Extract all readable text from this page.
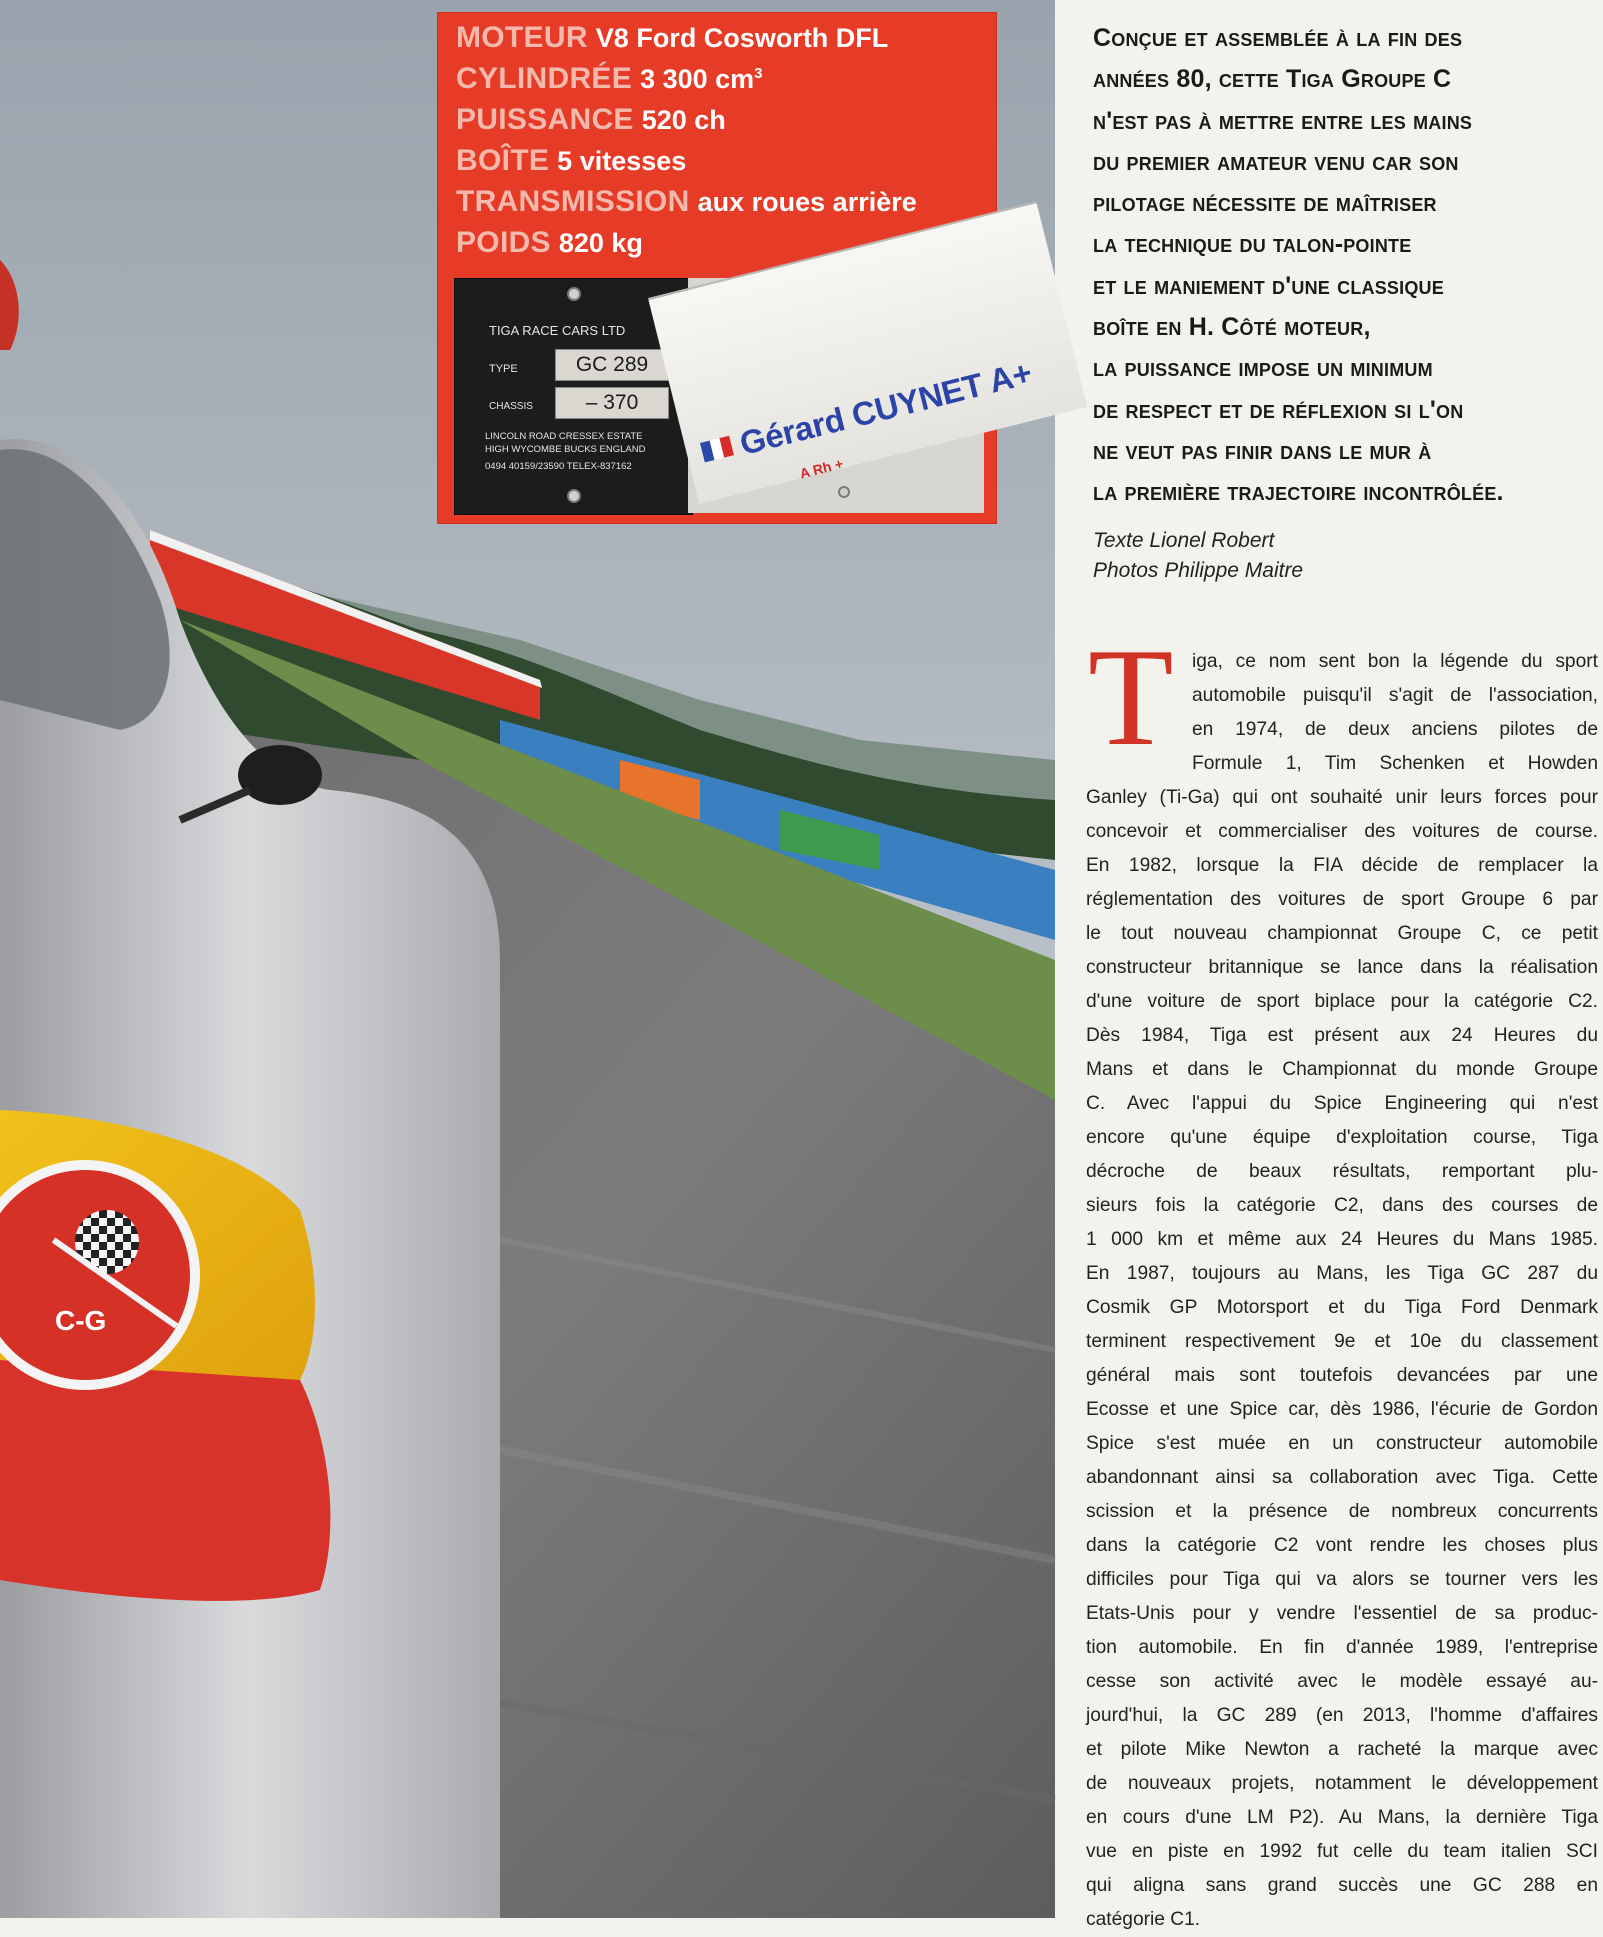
C-G
MOTEUR V8 Ford Cosworth DFL
CYLINDRÉE 3 300 $cm^3$
PUISSANCE 520 ch
BOÎTE 5 vitesses
TRANSMISSION aux roues arrière
POIDS 820 kg
TIGA RACE CARS LTD
TYPE	GC 289
CHASSIS	– 370
LINCOLN ROAD CRESSEX ESTATE
HIGH WYCOMBE BUCKS ENGLAND
0494 40159/23590 TELEX-837162
Gérard CUYNET A+
A Rh +
Conçue et assemblée à la fin des
années 80, cette Tiga Groupe C
n'est pas à mettre entre les mains
du premier amateur venu car son
pilotage nécessite de maîtriser
la technique du talon-pointe
et le maniement d'une classique
boîte en H. Côté moteur,
la puissance impose un minimum
de respect et de réflexion si l'on
ne veut pas finir dans le mur à
la première trajectoire incontrôlée.
Texte Lionel Robert
Photos Philippe Maitre
T iga, ce nom sent bon la légende du sport
automobile puisqu'il s'agit de l'association,
en 1974, de deux anciens pilotes de
Formule 1, Tim Schenken et Howden
Ganley (Ti-Ga) qui ont souhaité unir leurs forces pour
concevoir et commercialiser des voitures de course.
En 1982, lorsque la FIA décide de remplacer la
réglementation des voitures de sport Groupe 6 par
le tout nouveau championnat Groupe C, ce petit
constructeur britannique se lance dans la réalisation
d'une voiture de sport biplace pour la catégorie C2.
Dès 1984, Tiga est présent aux 24 Heures du
Mans et dans le Championnat du monde Groupe
C. Avec l'appui du Spice Engineering qui n'est
encore qu'une équipe d'exploitation course, Tiga
décroche de beaux résultats, remportant plu-
sieurs fois la catégorie C2, dans des courses de
1 000 km et même aux 24 Heures du Mans 1985.
En 1987, toujours au Mans, les Tiga GC 287 du
Cosmik GP Motorsport et du Tiga Ford Denmark
terminent respectivement 9e et 10e du classement
général mais sont toutefois devancées par une
Ecosse et une Spice car, dès 1986, l'écurie de Gordon
Spice s'est muée en un constructeur automobile
abandonnant ainsi sa collaboration avec Tiga. Cette
scission et la présence de nombreux concurrents
dans la catégorie C2 vont rendre les choses plus
difficiles pour Tiga qui va alors se tourner vers les
Etats-Unis pour y vendre l'essentiel de sa produc-
tion automobile. En fin d'année 1989, l'entreprise
cesse son activité avec le modèle essayé au-
jourd'hui, la GC 289 (en 2013, l'homme d'affaires
et pilote Mike Newton a racheté la marque avec
de nouveaux projets, notamment le développement
en cours d'une LM P2). Au Mans, la dernière Tiga
vue en piste en 1992 fut celle du team italien SCI
qui aligna sans grand succès une GC 288 en
catégorie C1.
